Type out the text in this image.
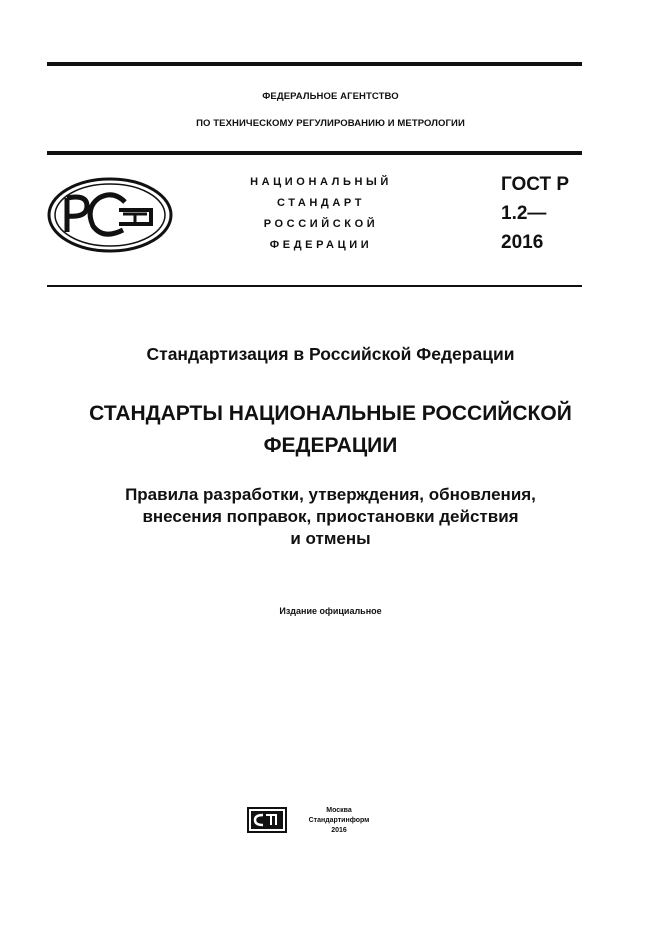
ФЕДЕРАЛЬНОЕ АГЕНТСТВО
ПО ТЕХНИЧЕСКОМУ РЕГУЛИРОВАНИЮ И МЕТРОЛОГИИ
НАЦИОНАЛЬНЫЙ
СТАНДАРТ
РОССИЙСКОЙ
ФЕДЕРАЦИИ
ГОСТ Р
1.2—
2016
Стандартизация в Российской Федерации
СТАНДАРТЫ НАЦИОНАЛЬНЫЕ РОССИЙСКОЙ
ФЕДЕРАЦИИ
Правила разработки, утверждения, обновления,
внесения поправок, приостановки действия
и отмены
Издание официальное
Москва
Стандартинформ
2016
